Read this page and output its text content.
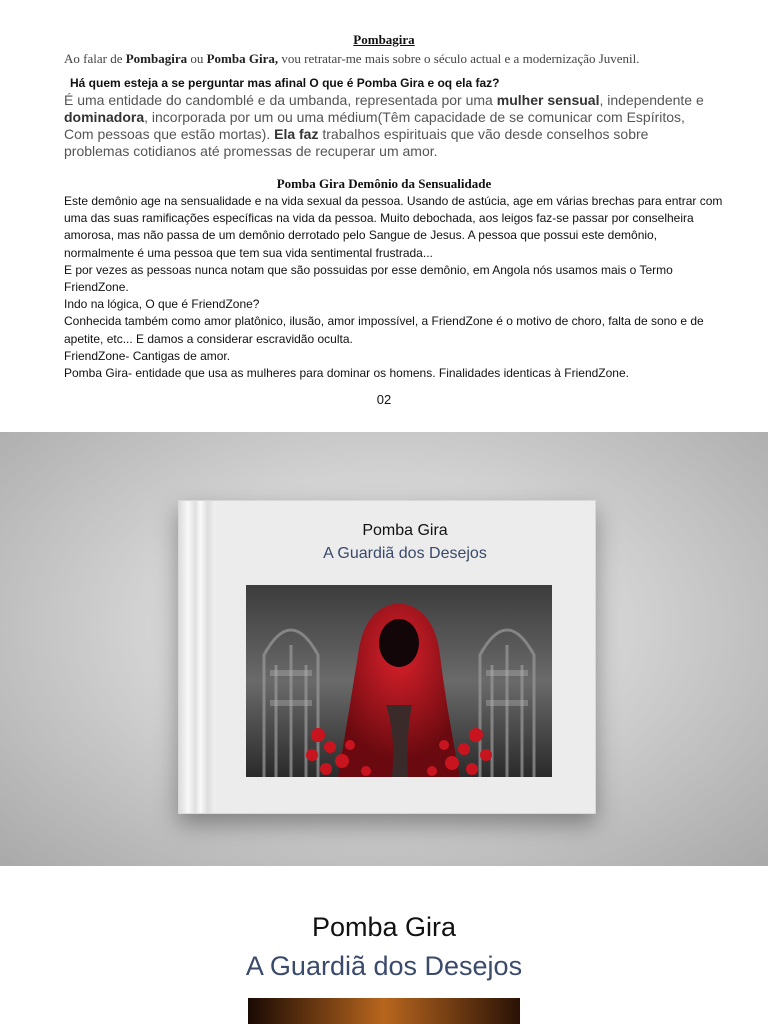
Pombagira
Ao falar de Pombagira ou Pomba Gira, vou retratar-me mais sobre o século actual e a modernização Juvenil.
Há quem esteja a se perguntar mas afinal O que é Pomba Gira e oq ela faz?
É uma entidade do candomblé e da umbanda, representada por uma mulher sensual, independente e dominadora, incorporada por um ou uma médium(Têm capacidade de se comunicar com Espíritos, Com pessoas que estão mortas). Ela faz trabalhos espirituais que vão desde conselhos sobre problemas cotidianos até promessas de recuperar um amor.
Pomba Gira Demônio da Sensualidade

Este demônio age na sensualidade e na vida sexual da pessoa. Usando de astúcia, age em várias brechas para entrar com uma das suas ramificações específicas na vida da pessoa. Muito debochada, aos leigos faz-se passar por conselheira amorosa, mas não passa de um demônio derrotado pelo Sangue de Jesus. A pessoa que possui este demônio, normalmente é uma pessoa que tem sua vida sentimental frustrada...

E por vezes as pessoas nunca notam que são possuidas por esse demônio, em Angola nós usamos mais o Termo FriendZone.

Indo na lógica, O que é FriendZone?

Conhecida também como amor platônico, ilusão, amor impossível, a FriendZone é o motivo de choro, falta de sono e de apetite, etc... E damos a considerar escravidão oculta.

FriendZone- Cantigas de amor.

Pomba Gira- entidade que usa as mulheres para dominar os homens. Finalidades identicas à FriendZone.

02
Pomba Gira
A Guardiã dos Desejos
Pomba Gira
A Guardiã dos Desejos
